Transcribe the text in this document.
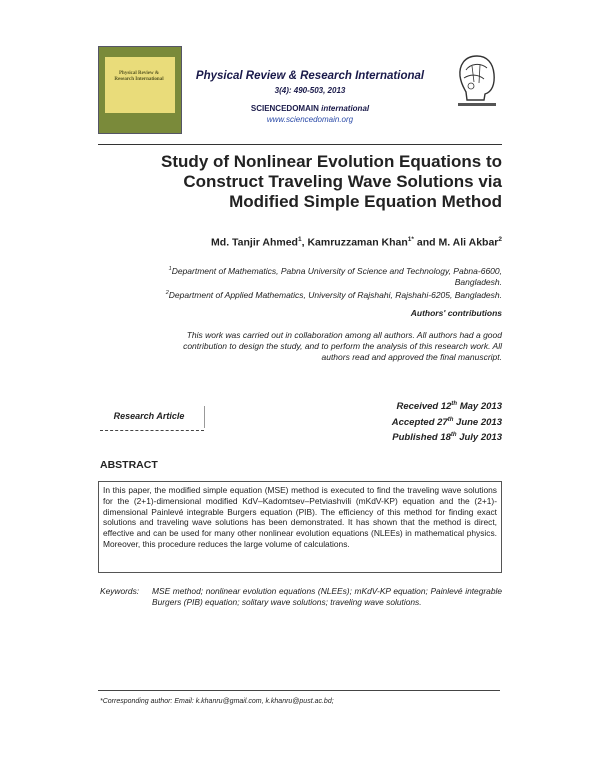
Physical Review & Research International	Physical Review & Research International
3(4): 490-503, 2013
SCIENCEDOMAIN international
www.sciencedomain.org
Study of Nonlinear Evolution Equations to
Construct Traveling Wave Solutions via
Modified Simple Equation Method
Md. Tanjir Ahmed$^1$, Kamruzzaman Khan$^{1*}$ and M. Ali Akbar$^2$
$^1$Department of Mathematics, Pabna University of Science and Technology, Pabna-6600,
Bangladesh.
$^2$Department of Applied Mathematics, University of Rajshahi, Rajshahi-6205, Bangladesh.
Authors' contributions
This work was carried out in collaboration among all authors. All authors had a good
contribution to design the study, and to perform the analysis of this research work. All
authors read and approved the final manuscript.
Research Article
Received 12th May 2013
Accepted 27th June 2013
Published 18th July 2013
ABSTRACT
In this paper, the modified simple equation (MSE) method is executed to find the traveling wave solutions for the (2+1)-dimensional modified KdV–Kadomtsev–Petviashvili (mKdV-KP) equation and the (2+1)-dimensional Painlevé integrable Burgers equation (PIB). The efficiency of this method for finding exact solutions and traveling wave solutions has been demonstrated. It has shown that the method is direct, effective and can be used for many other nonlinear evolution equations (NLEEs) in mathematical physics. Moreover, this procedure reduces the large volume of calculations.
Keywords:	MSE method; nonlinear evolution equations (NLEEs); mKdV-KP equation; Painlevé integrable Burgers (PIB) equation; solitary wave solutions; traveling wave solutions.
*Corresponding author: Email: k.khanru@gmail.com, k.khanru@pust.ac.bd;
